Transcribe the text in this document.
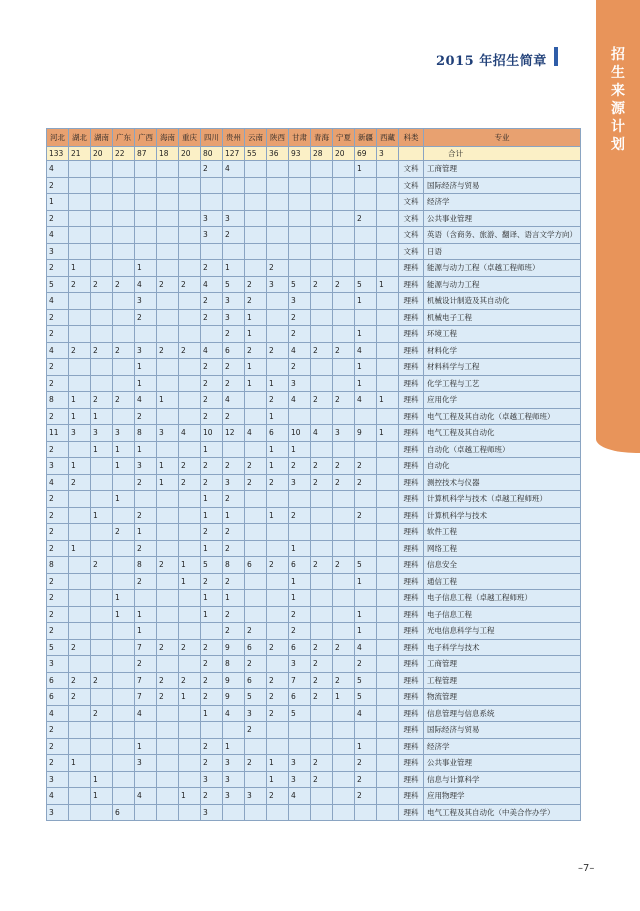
招生来源计划
2015 年招生简章
河北	湖北	湖南	广东	广西	海南	重庆	四川	贵州	云南	陕西	甘肃	青海	宁夏	新疆	西藏	科类	专业
133	21	20	22	87	18	20	80	127	55	36	93	28	20	69	3		合计
4							2	4						1		文科	工商管理
2																文科	国际经济与贸易
1																文科	经济学
2							3	3						2		文科	公共事业管理
4							3	2								文科	英语（含商务、旅游、翻译、语言文学方向）
3																文科	日语
2	1			1			2	1		2						理科	能源与动力工程（卓越工程师班）
5	2	2	2	4	2	2	4	5	2	3	5	2	2	5	1	理科	能源与动力工程
4				3			2	3	2		3			1		理科	机械设计制造及其自动化
2				2			2	3	1		2					理科	机械电子工程
2								2	1		2			1		理科	环境工程
4	2	2	2	3	2	2	4	6	2	2	4	2	2	4		理科	材料化学
2				1			2	2	1		2			1		理科	材料科学与工程
2				1			2	2	1	1	3			1		理科	化学工程与工艺
8	1	2	2	4	1		2	4		2	4	2	2	4	1	理科	应用化学
2	1	1		2			2	2		1						理科	电气工程及其自动化（卓越工程师班）
11	3	3	3	8	3	4	10	12	4	6	10	4	3	9	1	理科	电气工程及其自动化
2		1	1	1			1			1	1					理科	自动化（卓越工程师班）
3	1		1	3	1	2	2	2	2	1	2	2	2	2		理科	自动化
4	2			2	1	2	2	3	2	2	3	2	2	2		理科	测控技术与仪器
2			1				1	2								理科	计算机科学与技术（卓越工程师班）
2		1		2			1	1		1	2			2		理科	计算机科学与技术
2			2	1			2	2								理科	软件工程
2	1			2			1	2			1					理科	网络工程
8		2		8	2	1	5	8	6	2	6	2	2	5		理科	信息安全
2				2		1	2	2			1			1		理科	通信工程
2			1				1	1			1					理科	电子信息工程（卓越工程师班）
2			1	1			1	2			2			1		理科	电子信息工程
2				1				2	2		2			1		理科	光电信息科学与工程
5	2			7	2	2	2	9	6	2	6	2	2	4		理科	电子科学与技术
3				2			2	8	2		3	2		2		理科	工商管理
6	2	2		7	2	2	2	9	6	2	7	2	2	5		理科	工程管理
6	2			7	2	1	2	9	5	2	6	2	1	5		理科	物流管理
4		2		4			1	4	3	2	5			4		理科	信息管理与信息系统
2									2							理科	国际经济与贸易
2				1			2	1						1		理科	经济学
2	1			3			2	3	2	1	3	2		2		理科	公共事业管理
3		1					3	3		1	3	2		2		理科	信息与计算科学
4		1		4		1	2	3	3	2	4			2		理科	应用物理学
3			6				3									理科	电气工程及其自动化（中美合作办学）
–7–
